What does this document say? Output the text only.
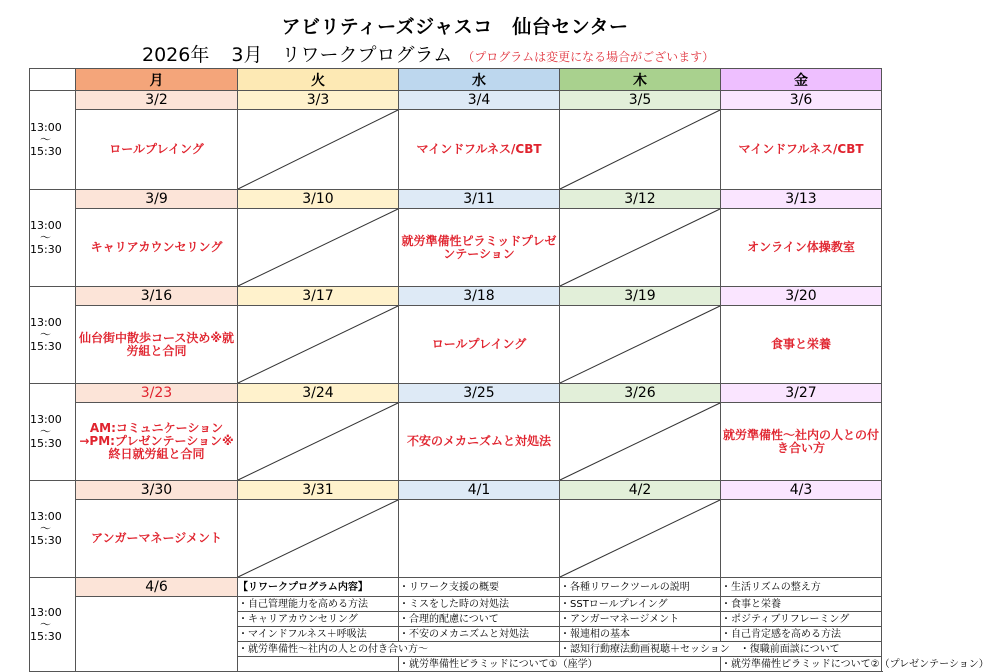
アビリティーズジャスコ　仙台センター
2026年 3月　リワークプログラム （プログラムは変更になる場合がございます）
	月	火	水	木	金

13:00
～
15:30	3/2	3/3	3/4	3/5	3/6
	ロールプレイング		マインドフルネス/CBT		マインドフルネス/CBT

13:00
～
15:30	3/9	3/10	3/11	3/12	3/13
	キャリアカウンセリング		就労準備性ピラミッドプレゼンテーション		オンライン体操教室

13:00
～
15:30	3/16	3/17	3/18	3/19	3/20
	仙台街中散歩コース決め※就労組と合同		ロールプレイング		食事と栄養

13:00
～
15:30	3/23	3/24	3/25	3/26	3/27
	AM:コミュニケーション→PM:プレゼンテーション※終日就労組と合同		不安のメカニズムと対処法		就労準備性～社内の人との付き合い方

13:00
～
15:30	3/30	3/31	4/1	4/2	4/3
	アンガーマネージメント	

13:00
～
15:30	4/6	【リワークプログラム内容】	・リワーク支援の概要	・各種リワークツールの説明	・生活リズムの整え方
		・自己管理能力を高める方法	・ミスをした時の対処法	・SSTロールプレイング	・食事と栄養
		・キャリアカウンセリング	・合理的配慮について	・アンガーマネージメント	・ポジティブリフレーミング
		・マインドフルネス＋呼吸法	・不安のメカニズムと対処法	・報連相の基本	・自己肯定感を高める方法
		・就労準備性～社内の人との付き合い方～		・認知行動療法動画視聴＋セッション　・復職前面談について	
			・就労準備性ピラミッドについて①（座学）		・就労準備性ピラミッドについて②（プレゼンテーション）
